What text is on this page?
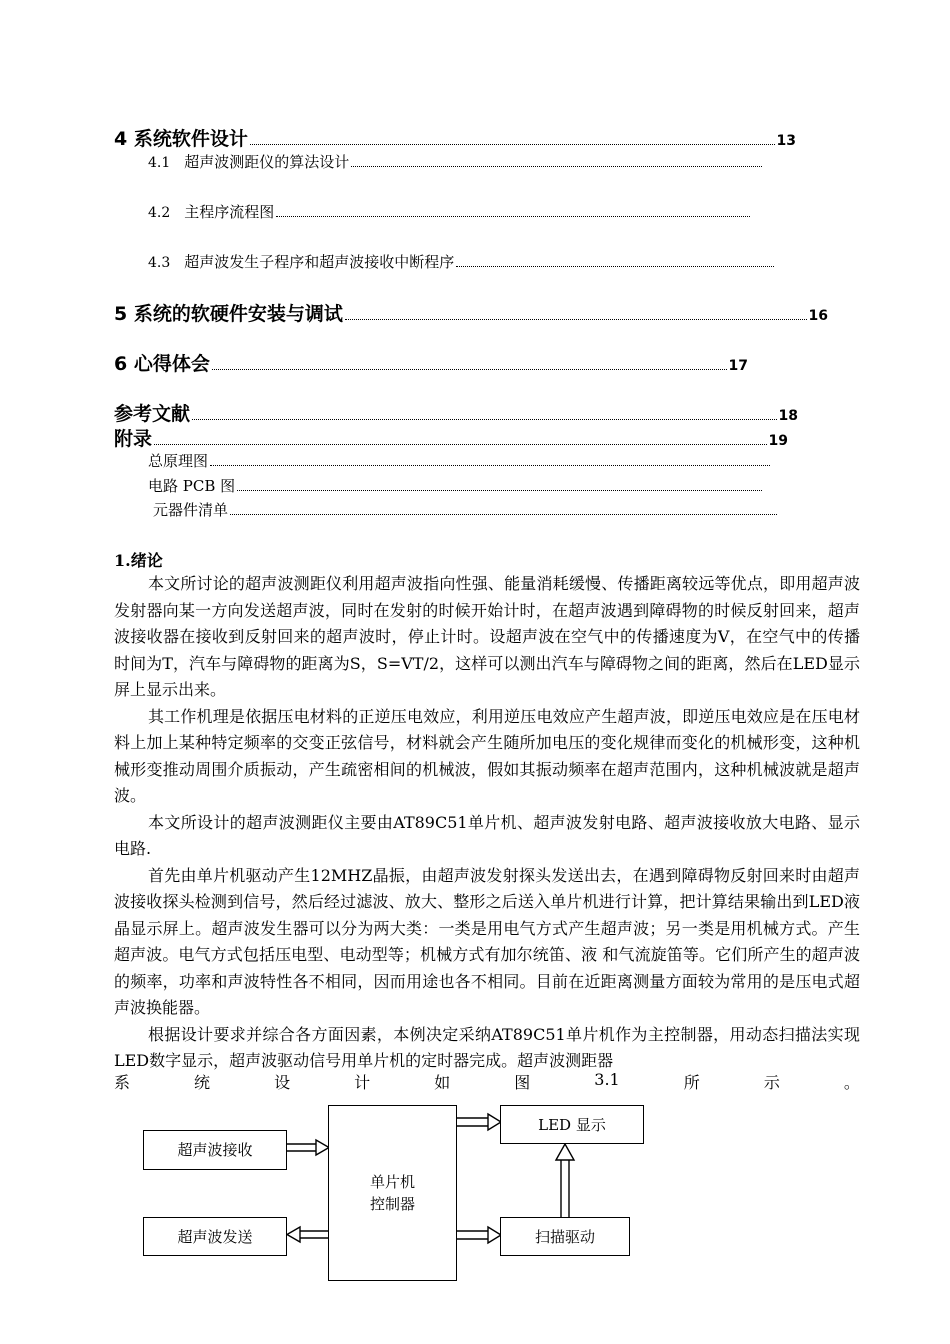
4 系统软件设计	13
4.1 超声波测距仪的算法设计
4.2 主程序流程图
4.3 超声波发生子程序和超声波接收中断程序
5 系统的软硬件安装与调试	16
6 心得体会	17
参考文献	18
附录	19
总原理图
电路 PCB 图
元器件清单
1.绪论

本文所讨论的超声波测距仪利用超声波指向性强、能量消耗缓慢、传播距离较远等优点，即用超声波发射器向某一方向发送超声波，同时在发射的时候开始计时，在超声波遇到障碍物的时候反射回来，超声波接收器在接收到反射回来的超声波时，停止计时。设超声波在空气中的传播速度为V，在空气中的传播时间为T，汽车与障碍物的距离为S，S=VT/2，这样可以测出汽车与障碍物之间的距离，然后在LED显示屏上显示出来。

其工作机理是依据压电材料的正逆压电效应，利用逆压电效应产生超声波，即逆压电效应是在压电材料上加上某种特定频率的交变正弦信号，材料就会产生随所加电压的变化规律而变化的机械形变，这种机械形变推动周围介质振动，产生疏密相间的机械波，假如其振动频率在超声范围内，这种机械波就是超声波。

本文所设计的超声波测距仪主要由AT89C51单片机、超声波发射电路、超声波接收放大电路、显示电路.

首先由单片机驱动产生12MHZ晶振，由超声波发射探头发送出去，在遇到障碍物反射回来时由超声波接收探头检测到信号，然后经过滤波、放大、整形之后送入单片机进行计算，把计算结果输出到LED液晶显示屏上。超声波发生器可以分为两大类：一类是用电气方式产生超声波；另一类是用机械方式。产生超声波。电气方式包括压电型、电动型等；机械方式有加尔统笛、液 和气流旋笛等。它们所产生的超声波的频率，功率和声波特性各不相同，因而用途也各不相同。目前在近距离测量方面较为常用的是压电式超声波换能器。

根据设计要求并综合各方面因素，本例决定采纳AT89C51单片机作为主控制器，用动态扫描法实现LED数字显示，超声波驱动信号用单片机的定时器完成。超声波测距器

系	统	设	计	如	图	3.1	所	示	。
超声波接收
超声波发送
单片机
控制器
LED 显示
扫描驱动
